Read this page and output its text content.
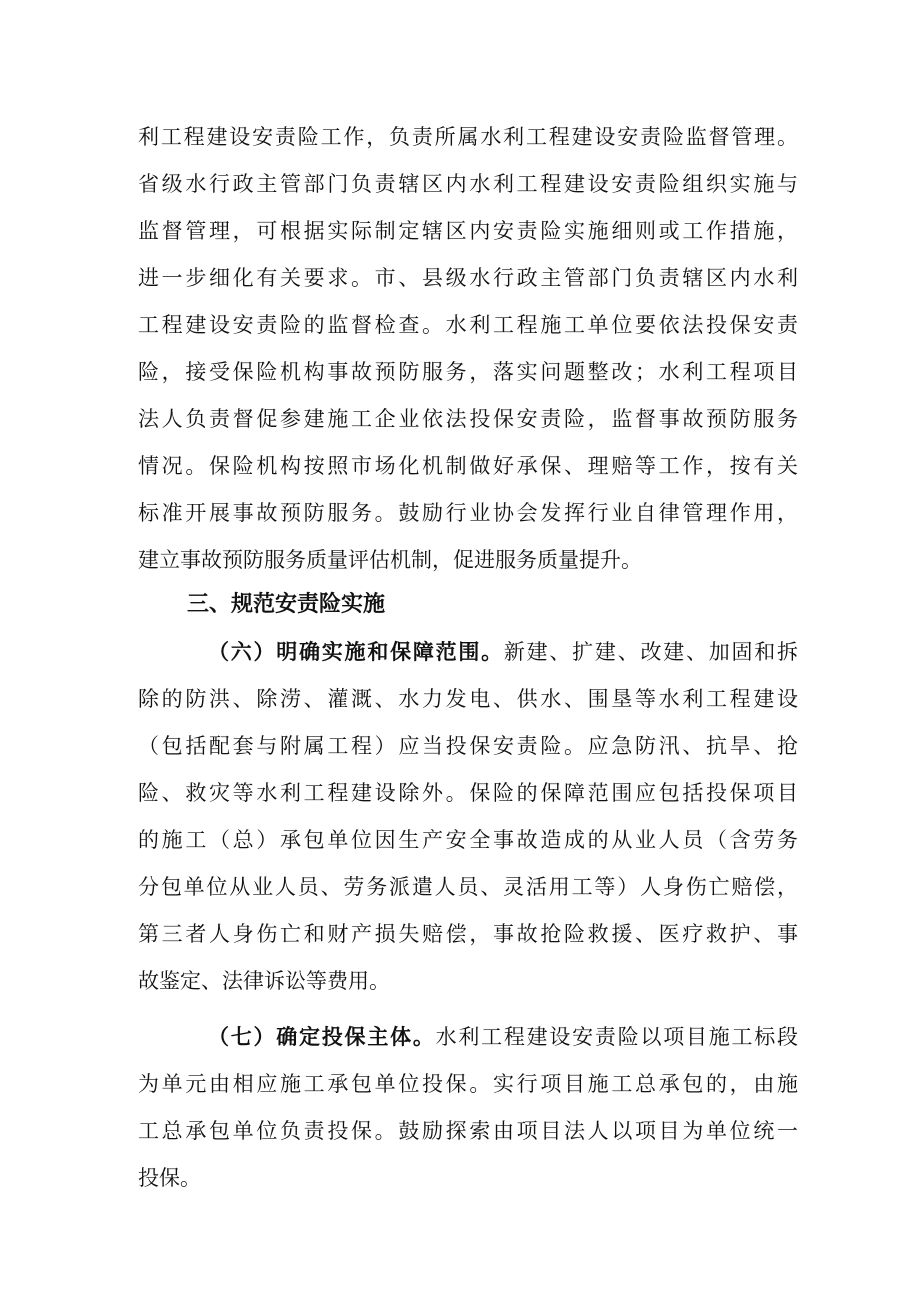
利工程建设安责险工作，负责所属水利工程建设安责险监督管理。
省级水行政主管部门负责辖区内水利工程建设安责险组织实施与
监督管理，可根据实际制定辖区内安责险实施细则或工作措施，
进一步细化有关要求。市、县级水行政主管部门负责辖区内水利
工程建设安责险的监督检查。水利工程施工单位要依法投保安责
险，接受保险机构事故预防服务，落实问题整改；水利工程项目
法人负责督促参建施工企业依法投保安责险，监督事故预防服务
情况。保险机构按照市场化机制做好承保、理赔等工作，按有关
标准开展事故预防服务。鼓励行业协会发挥行业自律管理作用，
建立事故预防服务质量评估机制，促进服务质量提升。
三、规范安责险实施
（六）明确实施和保障范围。新建、扩建、改建、加固和拆
除的防洪、除涝、灌溉、水力发电、供水、围垦等水利工程建设
（包括配套与附属工程）应当投保安责险。应急防汛、抗旱、抢
险、救灾等水利工程建设除外。保险的保障范围应包括投保项目
的施工（总）承包单位因生产安全事故造成的从业人员（含劳务
分包单位从业人员、劳务派遣人员、灵活用工等）人身伤亡赔偿，
第三者人身伤亡和财产损失赔偿，事故抢险救援、医疗救护、事
故鉴定、法律诉讼等费用。
（七）确定投保主体。水利工程建设安责险以项目施工标段
为单元由相应施工承包单位投保。实行项目施工总承包的，由施
工总承包单位负责投保。鼓励探索由项目法人以项目为单位统一
投保。
